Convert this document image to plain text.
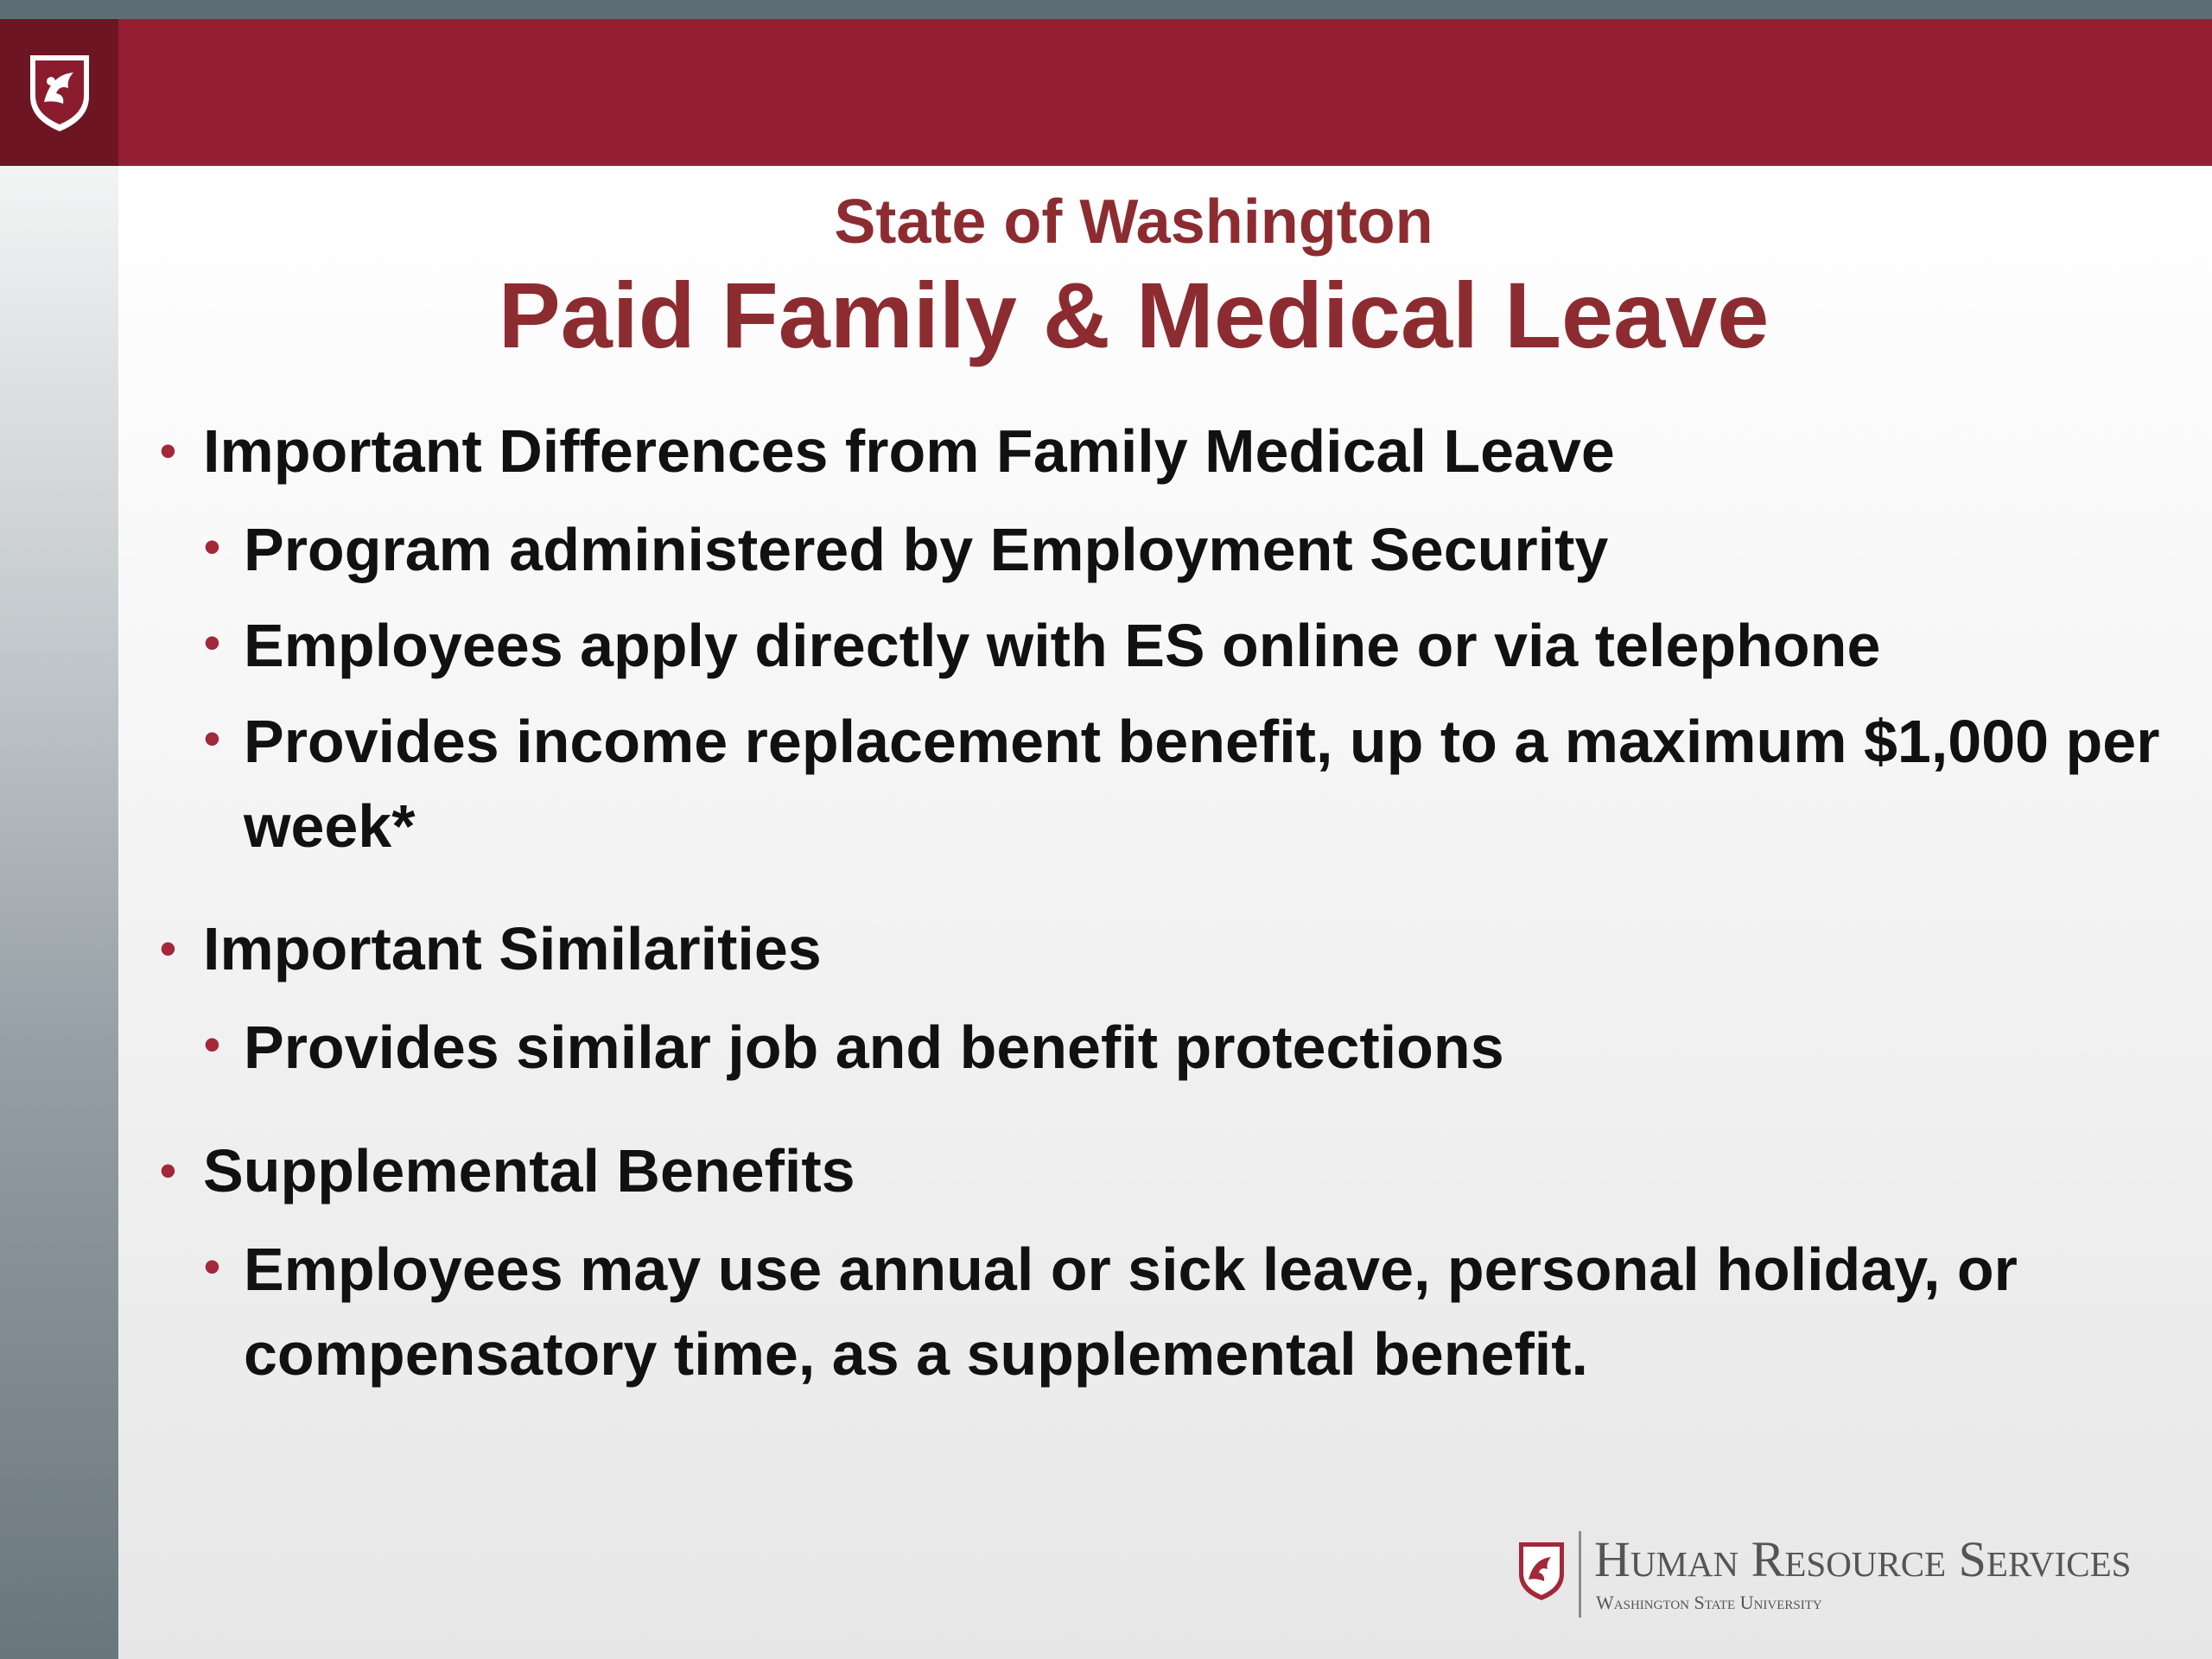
State of Washington
Paid Family & Medical Leave
• Important Differences from Family Medical Leave

• Program administered by Employment Security

• Employees apply directly with ES online or via telephone

• Provides income replacement benefit, up to a maximum $1,000 per week*

• Important Similarities

• Provides similar job and benefit protections

• Supplemental Benefits

• Employees may use annual or sick leave, personal holiday, or compensatory time, as a supplemental benefit.

Human Resource Services
Washington State University
